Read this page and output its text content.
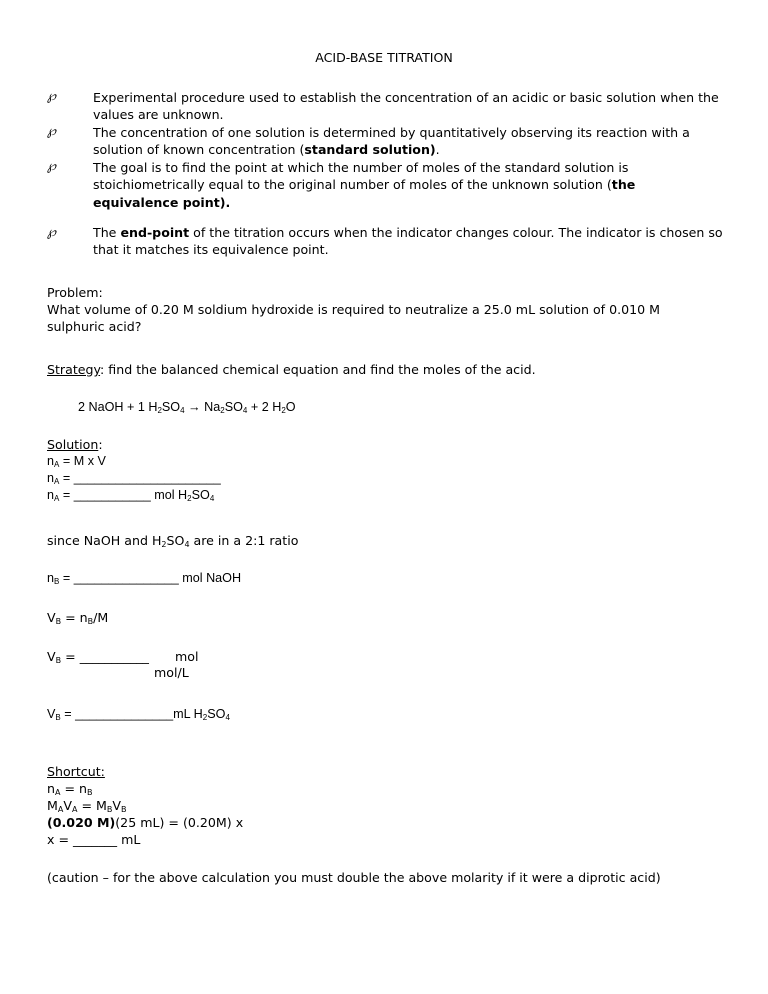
ACID-BASE TITRATION
℘	Experimental procedure used to establish the concentration of an acidic or basic solution when the values are unknown.
℘	The concentration of one solution is determined by quantitatively observing its reaction with a solution of known concentration (standard solution).
℘	The goal is to find the point at which the number of moles of the standard solution is stoichiometrically equal to the original number of moles of the unknown solution (the equivalence point).
℘	The end-point of the titration occurs when the indicator changes colour. The indicator is chosen so that it matches its equivalence point.
Problem:
What volume of 0.20 M soldium hydroxide is required to neutralize a 25.0 mL solution of 0.010 M
sulphuric acid?
Strategy: find the balanced chemical equation and find the moles of the acid.
2 NaOH + 1 $H_2SO_4 \to Na_2SO_4 + 2$ $H_2O$
Solution:
$n_A = M$ x V
$n_A$ = _____________________
$n_A$ = ___________ mol $H_2SO_4$
since NaOH and $H_2SO_4$ are in a 2:1 ratio
$n_B$ = _______________ mol NaOH
$V_B = n_B/M$
$V_B$ = ___________ mol
mol/L
$V_B$ = ______________mL $H_2SO_4$
Shortcut:
$n_A = n_B$
$M_AV_A = M_BV_B$
(0.020 M)(25 mL) = (0.20M) x
x = _______ mL
(caution – for the above calculation you must double the above molarity if it were a diprotic acid)
